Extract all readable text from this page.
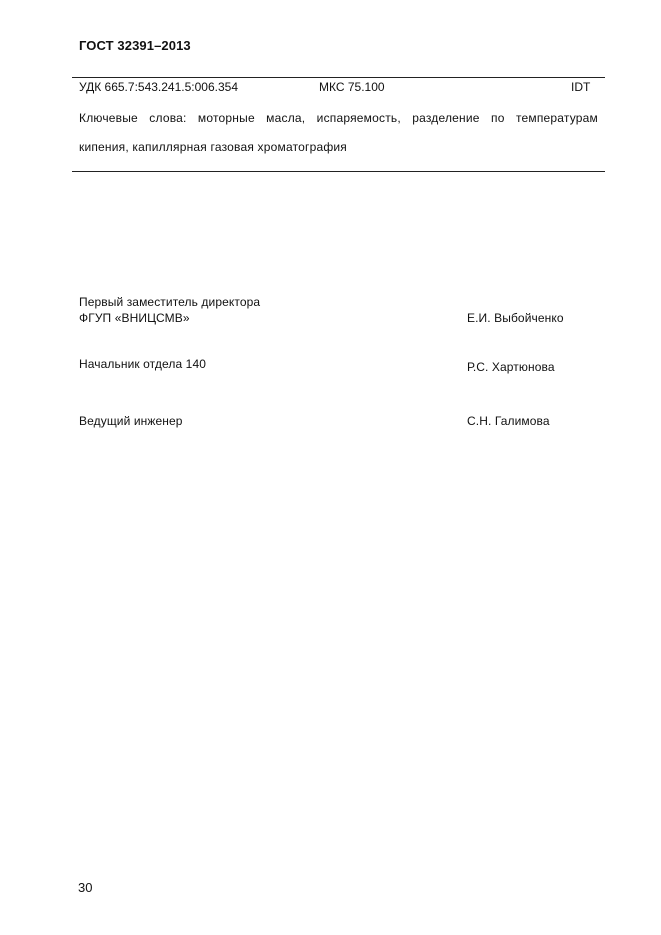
ГОСТ 32391–2013
УДК 665.7:543.241.5:006.354	МКС 75.100	IDT
Ключевые слова: моторные масла, испаряемость, разделение по температурам
кипения, капиллярная газовая хроматография
Первый заместитель директора
ФГУП «ВНИЦСМВ»	Е.И. Выбойченко
Начальник отдела 140	Р.С. Хартюнова
Ведущий инженер	С.Н. Галимова
30
